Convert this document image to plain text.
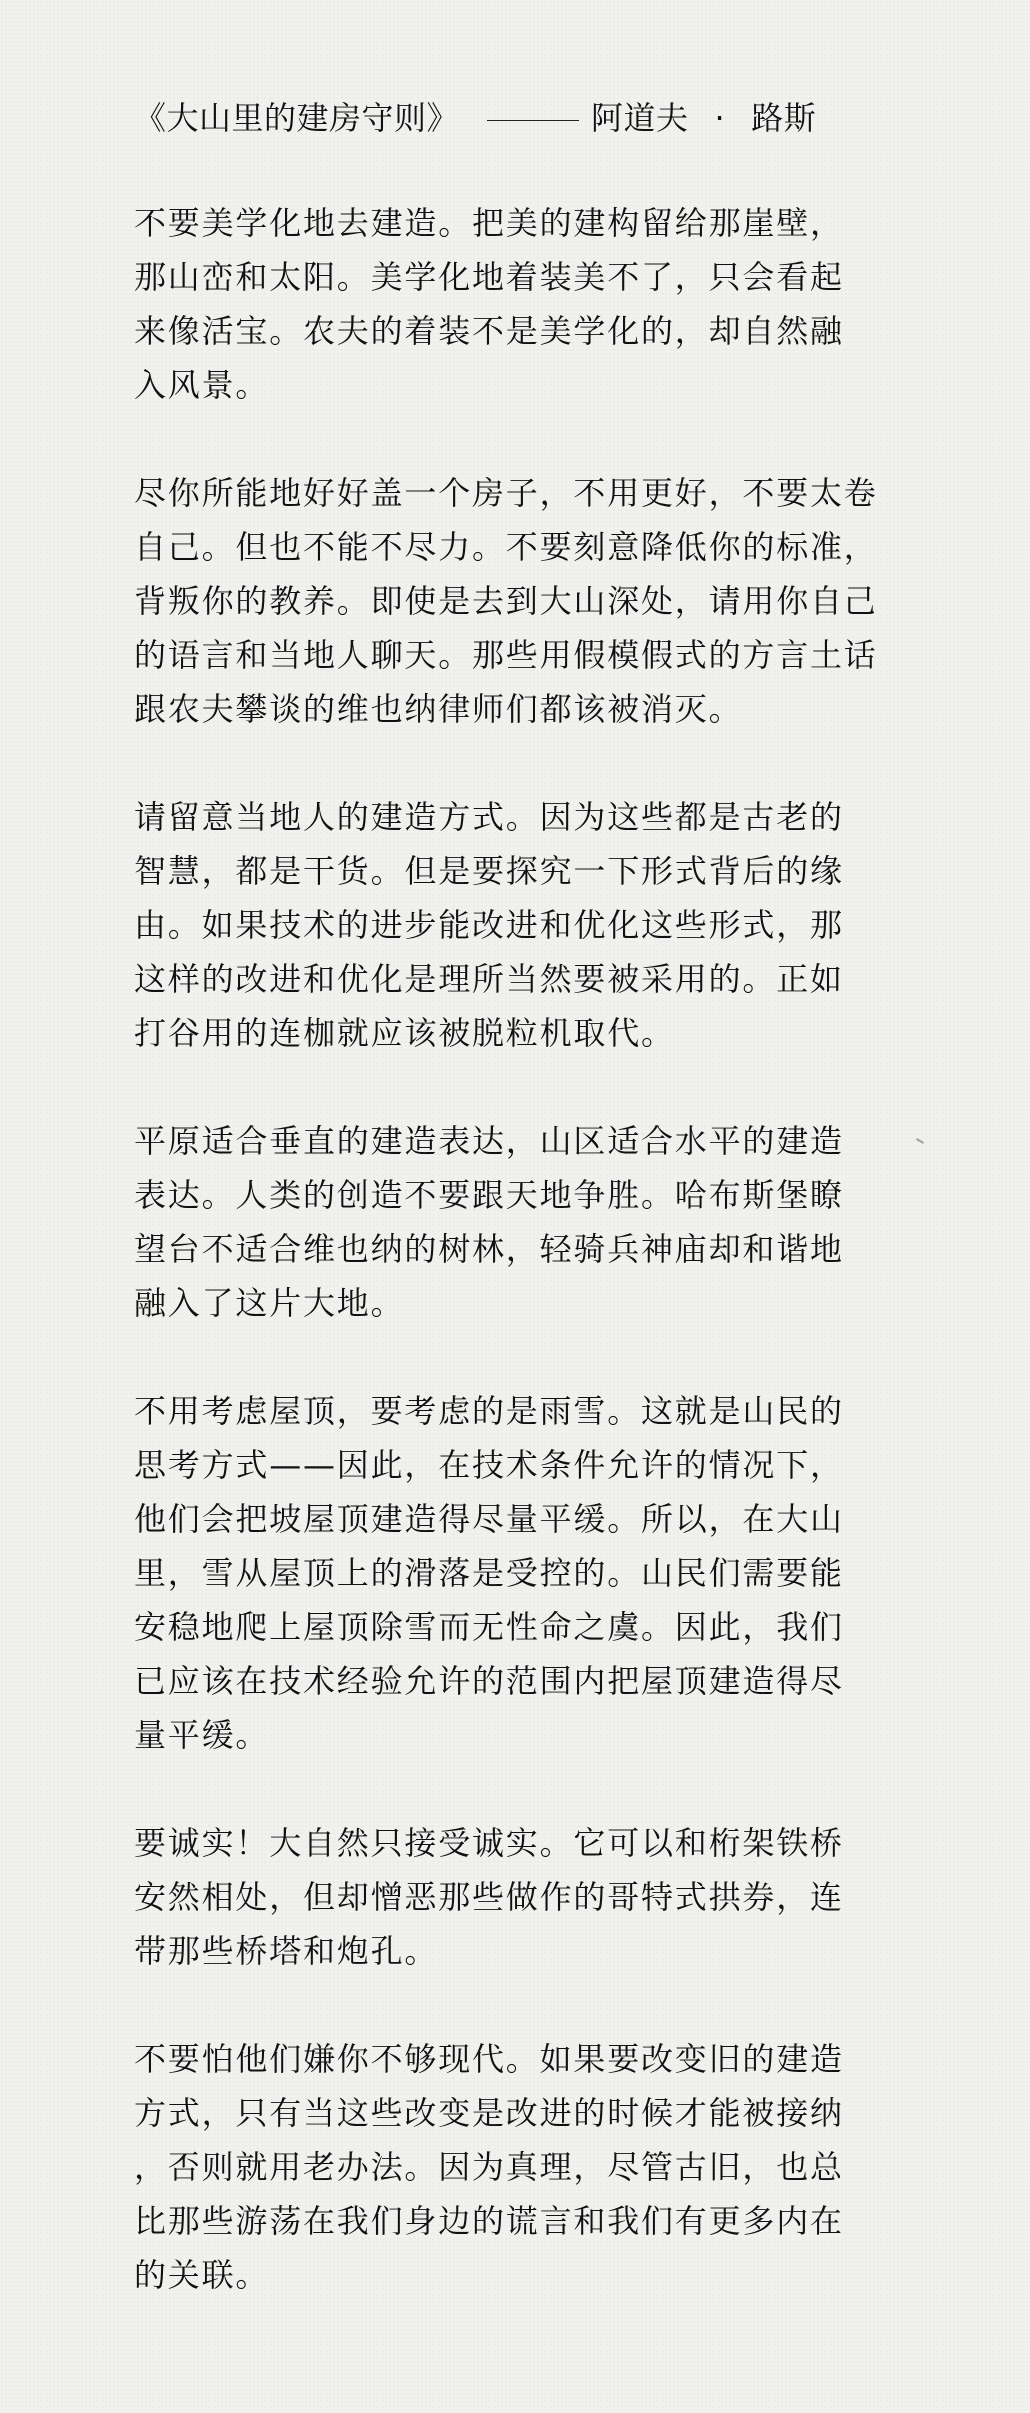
《大山里的建房守则》	阿道夫 · 路斯
不要美学化地去建造。把美的建构留给那崖壁，
那山峦和太阳。美学化地着装美不了，只会看起
来像活宝。农夫的着装不是美学化的，却自然融
入风景。
尽你所能地好好盖一个房子，不用更好，不要太卷
自己。但也不能不尽力。不要刻意降低你的标准，
背叛你的教养。即使是去到大山深处，请用你自己
的语言和当地人聊天。那些用假模假式的方言土话
跟农夫攀谈的维也纳律师们都该被消灭。
请留意当地人的建造方式。因为这些都是古老的
智慧，都是干货。但是要探究一下形式背后的缘
由。如果技术的进步能改进和优化这些形式，那
这样的改进和优化是理所当然要被采用的。正如
打谷用的连枷就应该被脱粒机取代。
平原适合垂直的建造表达，山区适合水平的建造
表达。人类的创造不要跟天地争胜。哈布斯堡瞭
望台不适合维也纳的树林，轻骑兵神庙却和谐地
融入了这片大地。
不用考虑屋顶，要考虑的是雨雪。这就是山民的
思考方式——因此，在技术条件允许的情况下，
他们会把坡屋顶建造得尽量平缓。所以，在大山
里，雪从屋顶上的滑落是受控的。山民们需要能
安稳地爬上屋顶除雪而无性命之虞。因此，我们
已应该在技术经验允许的范围内把屋顶建造得尽
量平缓。
要诚实！大自然只接受诚实。它可以和桁架铁桥
安然相处，但却憎恶那些做作的哥特式拱券，连
带那些桥塔和炮孔。
不要怕他们嫌你不够现代。如果要改变旧的建造
方式，只有当这些改变是改进的时候才能被接纳
，否则就用老办法。因为真理，尽管古旧，也总
比那些游荡在我们身边的谎言和我们有更多内在
的关联。
